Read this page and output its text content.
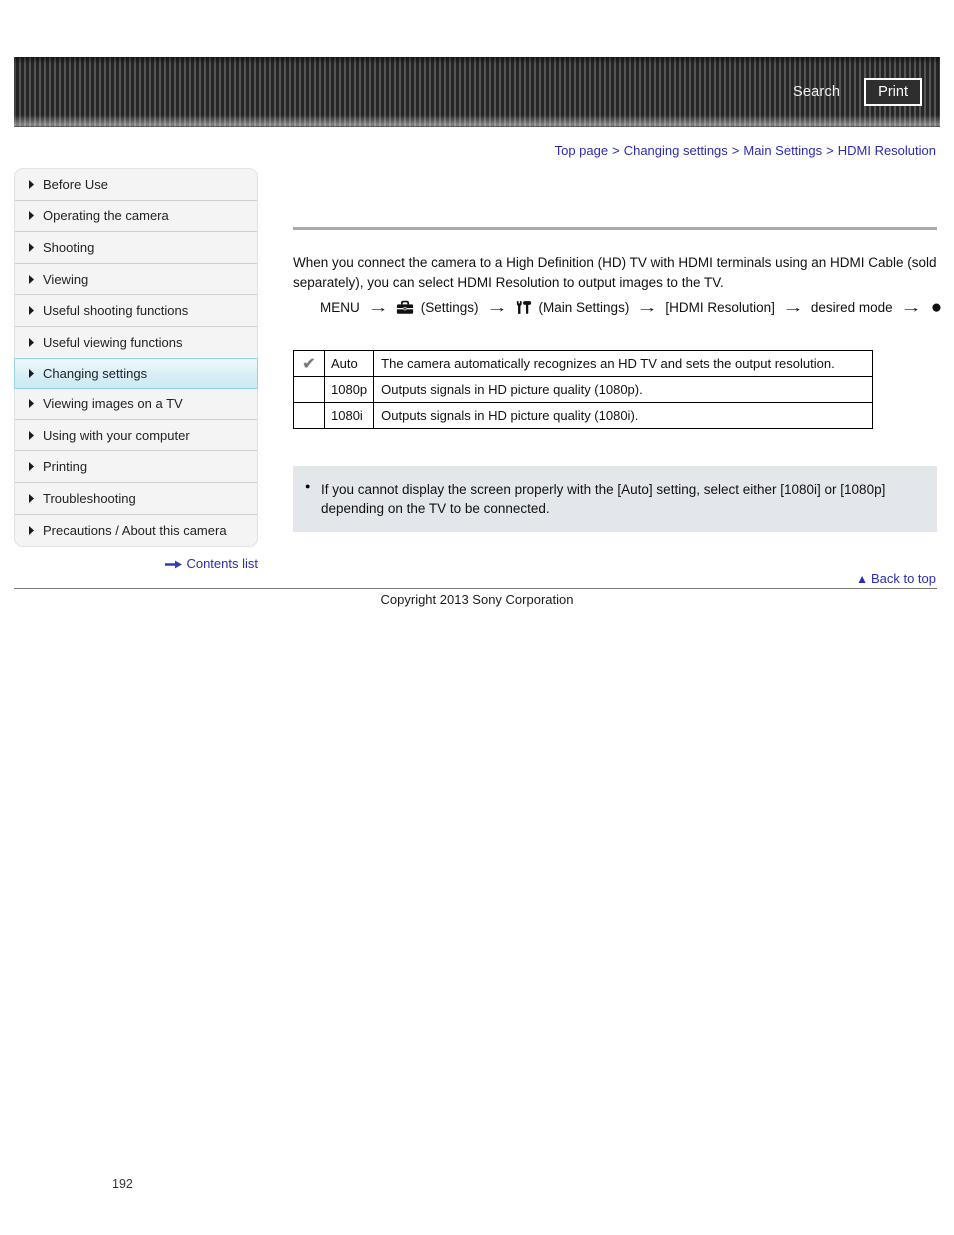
Search	Print
Top page > Changing settings > Main Settings > HDMI Resolution
Before Use
Operating the camera
Shooting
Viewing
Useful shooting functions
Useful viewing functions
Changing settings
Viewing images on a TV
Using with your computer
Printing
Troubleshooting
Precautions / About this camera
Contents list
When you connect the camera to a High Definition (HD) TV with HDMI terminals using an HDMI Cable (sold separately), you can select HDMI Resolution to output images to the TV.
MENU → (Settings) → (Main Settings) → [HDMI Resolution] → desired mode → ●
✔	Auto	The camera automatically recognizes an HD TV and sets the output resolution.
	1080p	Outputs signals in HD picture quality (1080p).
	1080i	Outputs signals in HD picture quality (1080i).
● If you cannot display the screen properly with the [Auto] setting, select either [1080i] or [1080p] depending on the TV to be connected.
▲ Back to top
Copyright 2013 Sony Corporation
192
